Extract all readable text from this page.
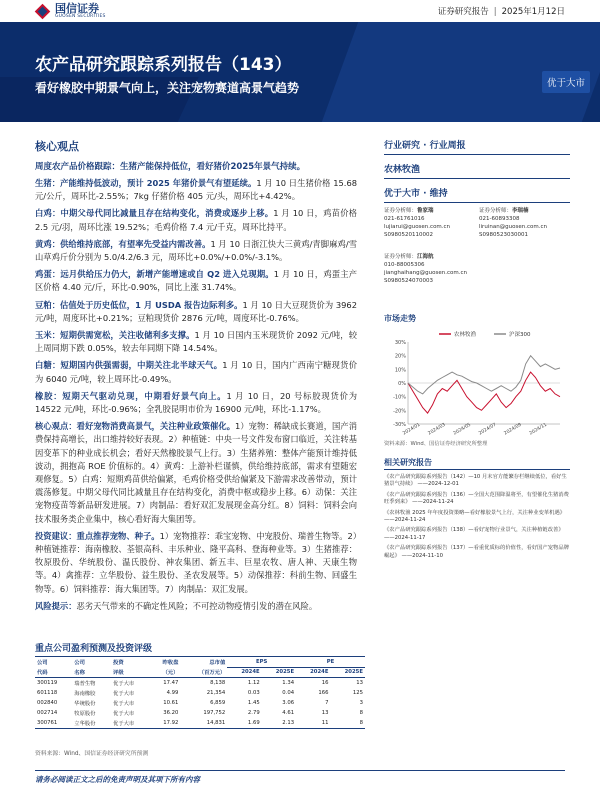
国信证券
GUOSEN SECURITIES	证券研究报告 | 2025年1月12日
农产品研究跟踪系列报告（143）
看好橡胶中期景气向上，关注宠物赛道高景气趋势	优于大市
核心观点
周度农产品价格跟踪：生猪产能保持低位，看好猪价2025年景气持续。

生猪：产能维持低波动，预计 2025 年猪价景气有望延续。1 月 10 日生猪价格 15.68 元/公斤，周环比-2.55%；7kg 仔猪价格 405 元/头，周环比+4.42%。

白鸡：中期父母代同比减量且存在结构变化，消费或逐步上移。1 月 10 日，鸡苗价格 2.5 元/羽，周环比涨 19.52%；毛鸡价格 7.4 元/千克，周环比持平。

黄鸡：供给维持底部，有望率先受益内需改善。1 月 10 日浙江快大三黄鸡/青脚麻鸡/雪山草鸡斤价分别为 5.0/4.2/6.3 元，周环比+0.0%/+0.0%/-3.1%。

鸡蛋：远月供给压力仍大，新增产能增速或自 Q2 进入兑现期。1 月 10 日，鸡蛋主产区价格 4.40 元/斤，环比-0.90%，同比上涨 31.74%。

豆粕：估值处于历史低位，1 月 USDA 报告边际利多。1 月 10 日大豆现货价为 3962 元/吨，周度环比+0.21%；豆粕现货价 2876 元/吨，周度环比-0.76%。

玉米：短期供需宽松，关注收储利多支撑。1 月 10 日国内玉米现货价 2092 元/吨，较上周同期下跌 0.05%，较去年同期下降 14.54%。

白糖：短期国内供强需弱，中期关注北半球天气。1 月 10 日，国内广西南宁糖现货价为 6040 元/吨，较上周环比-0.49%。

橡胶：短期天气驱动兑现，中期看好景气向上。1 月 10 日，20 号标胶现货价为 14522 元/吨，环比-0.96%；全乳胶昆明市价为 16900 元/吨，环比-1.17%。

核心观点：看好宠物消费高景气，关注种业政策催化。1）宠物：稀缺成长赛道，国产消费保持高增长，出口维持较好表现。2）种植链：中央一号文件发布窗口临近，关注转基因变革下的种业成长机会；看好天然橡胶景气上行。3）生猪养殖：整体产能预计维持低波动，拥抱高 ROE 价值标的。4）黄鸡：上游补栏谨慎，供给维持底部，需求有望随宏观修复。5）白鸡：短期鸡苗供给偏紧，毛鸡价格受供给偏紧及下游需求改善带动，预计震荡修复。中期父母代同比减量且存在结构变化，消费中枢或稳步上移。6）动保：关注宠物疫苗等新品研发进展。7）肉制品：看好双汇发展现金高分红。8）饲料：饲料会向技术服务类企业集中，核心看好海大集团等。

投资建议：重点推荐宠物、种子。1）宠物推荐：乖宝宠物、中宠股份、瑞普生物等。2）种植链推荐：海南橡胶、荃银高科、丰乐种业、隆平高科、登海种业等。3）生猪推荐：牧原股份、华统股份、温氏股份、神农集团、新五丰、巨星农牧、唐人神、天康生物等。4）禽推荐：立华股份、益生股份、圣农发展等。5）动保推荐：科前生物、回盛生物等。6）饲料推荐：海大集团等。7）肉制品：双汇发展。

风险提示：恶劣天气带来的不确定性风险；不可控动物疫情引发的潜在风险。

重点公司盈利预测及投资评级
公司	公司	投资	昨收盘	总市值	EPS		PE	
代码	名称	评级	（元）	（百万元）	2024E	2025E	2024E	2025E
300119	瑞普生物	优于大市	17.47	8,138	1.12	1.34	16	13
601118	海南橡胶	优于大市	4.99	21,354	0.03	0.04	166	125
002840	华统股份	优于大市	10.61	6,859	1.45	3.06	7	3
002714	牧原股份	优于大市	36.20	197,752	2.79	4.61	13	8
300761	立华股份	优于大市	17.92	14,831	1.69	2.13	11	8
资料来源：Wind、国信证券经济研究所预测
请务必阅读正文之后的免责声明及其项下所有内容
行业研究 · 行业周报
农林牧渔
优于大市 · 维持
证券分析师：鲁家瑞
021-61761016
lujiarui@guosen.com.cn
S0980520110002
证券分析师：李瑞楠
021-60893308
liruinan@guosen.com.cn
S0980523030001
证券分析师：江海航
010-88005306
jianghaihang@guosen.com.cn
S0980524070003
市场走势
农林牧渔	沪深300
30%
20%
10%
0%
-10%
-20%
-30%
2024/01 2024/03 2024/05 2024/07 2024/09 2024/11
资料来源：Wind、国信证券经济研究所整理
相关研究报告
《农产品研究跟踪系列报告（142）—10 月末官方能繁存栏继续低位，看好生猪景气持续》 ——2024-12-01
《农产品研究跟踪系列报告（136）—全国大范围降温将至，有望催化生猪消费旺季到来》 ——2024-11-24
《农林牧渔 2025 年年度投资策略—看好橡胶景气上行，关注种业变革机遇》 ——2024-11-24
《农产品研究跟踪系列报告（138）—看好宠物行业景气，关注种植链改善》 ——2024-11-17
《农产品研究跟踪系列报告（137）—看重优质标的价值性，看好国产宠物品牌崛起》 ——2024-11-10
